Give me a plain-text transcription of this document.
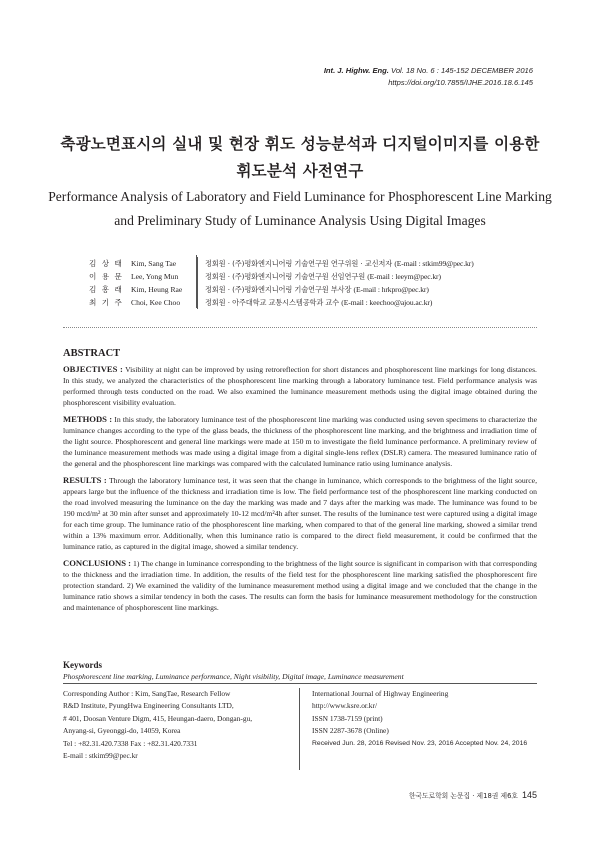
Int. J. Highw. Eng. Vol. 18 No. 6 : 145-152 DECEMBER 2016
https://doi.org/10.7855/IJHE.2016.18.6.145
축광노면표시의 실내 및 현장 휘도 성능분석과 디지털이미지를 이용한
휘도분석 사전연구
Performance Analysis of Laboratory and Field Luminance for Phosphorescent Line Marking
and Preliminary Study of Luminance Analysis Using Digital Images
김 상 태	Kim, Sang Tae	정회원 · (주)평화엔지니어링 기술연구원 연구위원 · 교신저자 (E-mail : stkim99@pec.kr)
이 용 문	Lee, Yong Mun	정회원 · (주)평화엔지니어링 기술연구원 선임연구원 (E-mail : leeym@pec.kr)
김 흥 래	Kim, Heung Rae	정회원 · (주)평화엔지니어링 기술연구원 부사장 (E-mail : hrkpro@pec.kr)
최 기 주	Choi, Kee Choo	정회원 · 아주대학교 교통시스템공학과 교수 (E-mail : keechoo@ajou.ac.kr)
ABSTRACT

OBJECTIVES : Visibility at night can be improved by using retroreflection for short distances and phosphorescent line markings for long distances. In this study, we analyzed the characteristics of the phosphorescent line marking through a laboratory luminance test. Field performance analysis was performed through tests conducted on the road. We also examined the luminance measurement methods using the digital image obtained during the phosphorescent visibility evaluation.

METHODS : In this study, the laboratory luminance test of the phosphorescent line marking was conducted using seven specimens to characterize the luminance changes according to the type of the glass beads, the thickness of the phosphorescent line marking, and the brightness and irradiation time of the light source. Phosphorescent and general line markings were made at 150 m to investigate the field luminance performance. A preliminary review of the luminance measurement methods was made using a digital image from a digital single-lens reflex (DSLR) camera. The measured luminance ratio of the general and the phosphorescent line markings was compared with the calculated luminance ratio using luminance analysis.

RESULTS : Through the laboratory luminance test, it was seen that the change in luminance, which corresponds to the brightness of the light source, appears large but the influence of the thickness and irradiation time is low. The field performance test of the phosphorescent line marking conducted on the road involved measuring the luminance on the day the marking was made and 7 days after the marking was made. The luminance was found to be 190 mcd/m² at 30 min after sunset and approximately 10-12 mcd/m²4h after sunset. The results of the luminance test were captured using a digital image for each time group. The luminance ratio of the phosphorescent line marking, when compared to that of the general line marking, showed a similar trend within a 13% maximum error. Additionally, when this luminance ratio is compared to the direct field measurement, it could be confirmed that the luminance ratio, as captured in the digital image, showed a similar tendency.

CONCLUSIONS : 1) The change in luminance corresponding to the brightness of the light source is significant in comparison with that corresponding to the thickness and the irradiation time. In addition, the results of the field test for the phosphorescent line marking satisfied the phosphorescent fire protection standard. 2) We examined the validity of the luminance measurement method using a digital image and we concluded that the change in the luminance ratio shows a similar tendency in both the cases. The results can form the basis for luminance measurement methodology for the construction and maintenance of phosphorescent line markings.

Keywords

Phosphorescent line marking, Luminance performance, Night visibility, Digital image, Luminance measurement

Corresponding Author : Kim, SangTae, Research Fellow
R&D Institute, PyungHwa Engineering Consultants LTD,
# 401, Doosan Venture Digm, 415, Heungan-daero, Dongan-gu,
Anyang-si, Gyeonggi-do, 14059, Korea
Tel : +82.31.420.7338 Fax : +82.31.420.7331
E-mail : stkim99@pec.kr
International Journal of Highway Engineering
http://www.ksre.or.kr/
ISSN 1738-7159 (print)
ISSN 2287-3678 (Online)
Received Jun. 28, 2016 Revised Nov. 23, 2016 Accepted Nov. 24, 2016
한국도로학회 논문집 · 제18권 제6호 145
